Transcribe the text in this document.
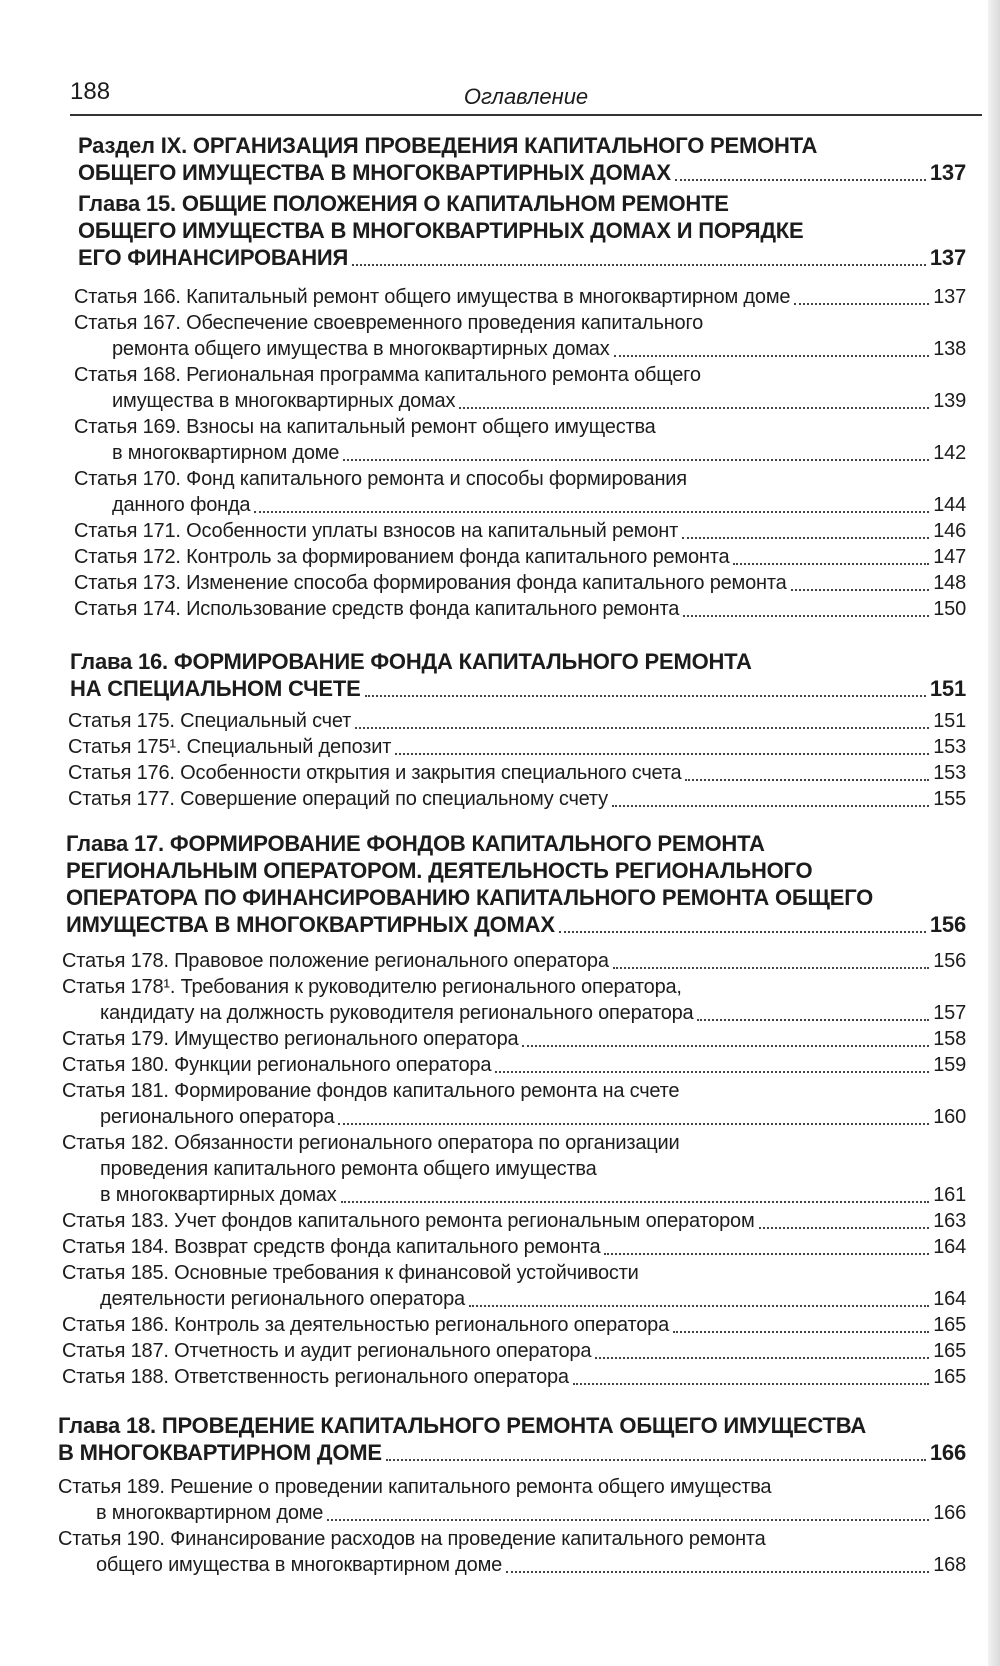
188	Оглавление
Раздел IX. ОРГАНИЗАЦИЯ ПРОВЕДЕНИЯ КАПИТАЛЬНОГО РЕМОНТА
ОБЩЕГО ИМУЩЕСТВА В МНОГОКВАРТИРНЫХ ДОМАХ	137
Глава 15. ОБЩИЕ ПОЛОЖЕНИЯ О КАПИТАЛЬНОМ РЕМОНТЕ
ОБЩЕГО ИМУЩЕСТВА В МНОГОКВАРТИРНЫХ ДОМАХ И ПОРЯДКЕ
ЕГО ФИНАНСИРОВАНИЯ	137
Статья 166. Капитальный ремонт общего имущества в многоквартирном доме	137
Статья 167. Обеспечение своевременного проведения капитального
ремонта общего имущества в многоквартирных домах	138
Статья 168. Региональная программа капитального ремонта общего
имущества в многоквартирных домах	139
Статья 169. Взносы на капитальный ремонт общего имущества
в многоквартирном доме	142
Статья 170. Фонд капитального ремонта и способы формирования
данного фонда	144
Статья 171. Особенности уплаты взносов на капитальный ремонт	146
Статья 172. Контроль за формированием фонда капитального ремонта	147
Статья 173. Изменение способа формирования фонда капитального ремонта	148
Статья 174. Использование средств фонда капитального ремонта	150
Глава 16. ФОРМИРОВАНИЕ ФОНДА КАПИТАЛЬНОГО РЕМОНТА
НА СПЕЦИАЛЬНОМ СЧЕТЕ	151
Статья 175. Специальный счет	151
Статья 175¹. Специальный депозит	153
Статья 176. Особенности открытия и закрытия специального счета	153
Статья 177. Совершение операций по специальному счету	155
Глава 17. ФОРМИРОВАНИЕ ФОНДОВ КАПИТАЛЬНОГО РЕМОНТА
РЕГИОНАЛЬНЫМ ОПЕРАТОРОМ. ДЕЯТЕЛЬНОСТЬ РЕГИОНАЛЬНОГО
ОПЕРАТОРА ПО ФИНАНСИРОВАНИЮ КАПИТАЛЬНОГО РЕМОНТА ОБЩЕГО
ИМУЩЕСТВА В МНОГОКВАРТИРНЫХ ДОМАХ	156
Статья 178. Правовое положение регионального оператора	156
Статья 178¹. Требования к руководителю регионального оператора,
кандидату на должность руководителя регионального оператора	157
Статья 179. Имущество регионального оператора	158
Статья 180. Функции регионального оператора	159
Статья 181. Формирование фондов капитального ремонта на счете
регионального оператора	160
Статья 182. Обязанности регионального оператора по организации
проведения капитального ремонта общего имущества
в многоквартирных домах	161
Статья 183. Учет фондов капитального ремонта региональным оператором	163
Статья 184. Возврат средств фонда капитального ремонта	164
Статья 185. Основные требования к финансовой устойчивости
деятельности регионального оператора	164
Статья 186. Контроль за деятельностью регионального оператора	165
Статья 187. Отчетность и аудит регионального оператора	165
Статья 188. Ответственность регионального оператора	165
Глава 18. ПРОВЕДЕНИЕ КАПИТАЛЬНОГО РЕМОНТА ОБЩЕГО ИМУЩЕСТВА
В МНОГОКВАРТИРНОМ ДОМЕ	166
Статья 189. Решение о проведении капитального ремонта общего имущества
в многоквартирном доме	166
Статья 190. Финансирование расходов на проведение капитального ремонта
общего имущества в многоквартирном доме	168
